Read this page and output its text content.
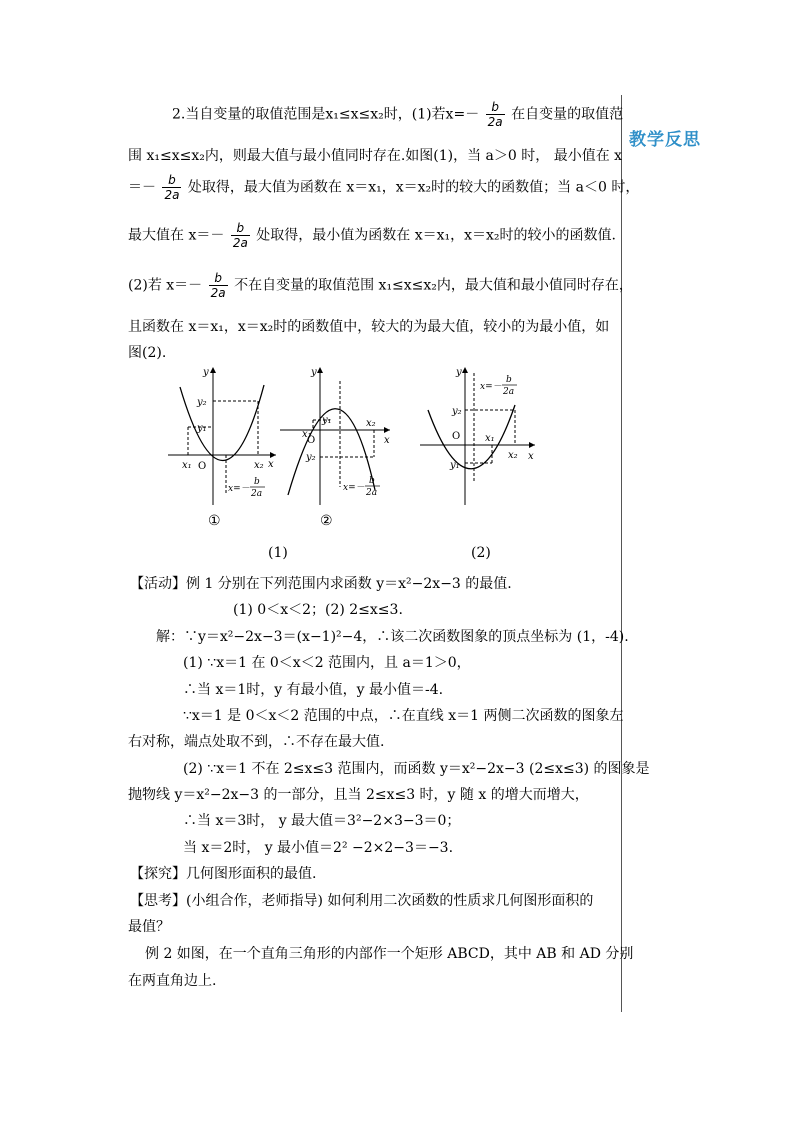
教学反思
2.当自变量的取值范围是x₁≤x≤x₂时，(1)若$x=- \frac{b}{2a}$ 在自变量的取值范
围 x₁≤x≤x₂内，则最大值与最小值同时存在.如图(1)，当 a＞0 时， 最小值在 x
＝－ $\frac{b}{2a}$ 处取得，最大值为函数在 x＝x₁，x＝x₂时的较大的函数值；当 a＜0 时，
最大值在 $x=- \frac{b}{2a}$ 处取得，最小值为函数在 x＝x₁，x＝x₂时的较小的函数值.
(2)若 $x=- \frac{b}{2a}$ 不在自变量的取值范围 x₁≤x≤x₂内，最大值和最小值同时存在，
且函数在 x＝x₁，x＝x₂时的函数值中，较大的为最大值，较小的为最小值，如
图(2).
y
x
O
y₂
y₁
x₁	x₂
x=－
b
2a
y
x
O
y₁
x₁
x₂
y₂
x=－
b
2a
y
x
O
y₂
x₁
x₂
y₁
x=－
b
2a
①	②
(1)	(2)
【活动】例 1 分别在下列范围内求函数 y＝x²−2x−3 的最值.
(1) 0＜x＜2；(2) 2≤x≤3.
解：∵y＝x²−2x−3＝(x−1)²−4，∴该二次函数图象的顶点坐标为 (1，-4).
(1) ∵x＝1 在 0＜x＜2 范围内，且 a＝1＞0，
∴当 x＝1时，y 有最小值，y 最小值＝-4.
∵x＝1 是 0＜x＜2 范围的中点，∴在直线 x＝1 两侧二次函数的图象左
右对称，端点处取不到，∴不存在最大值.
(2) ∵x＝1 不在 2≤x≤3 范围内，而函数 y＝x²−2x−3 (2≤x≤3) 的图象是
抛物线 y＝x²−2x−3 的一部分，且当 2≤x≤3 时，y 随 x 的增大而增大，
∴当 x＝3时， y 最大值＝3²−2×3−3＝0；
当 x＝2时， y 最小值＝2² −2×2−3＝−3.
【探究】几何图形面积的最值.
【思考】(小组合作，老师指导) 如何利用二次函数的性质求几何图形面积的
最值？
例 2 如图，在一个直角三角形的内部作一个矩形 ABCD，其中 AB 和 AD 分别
在两直角边上.
